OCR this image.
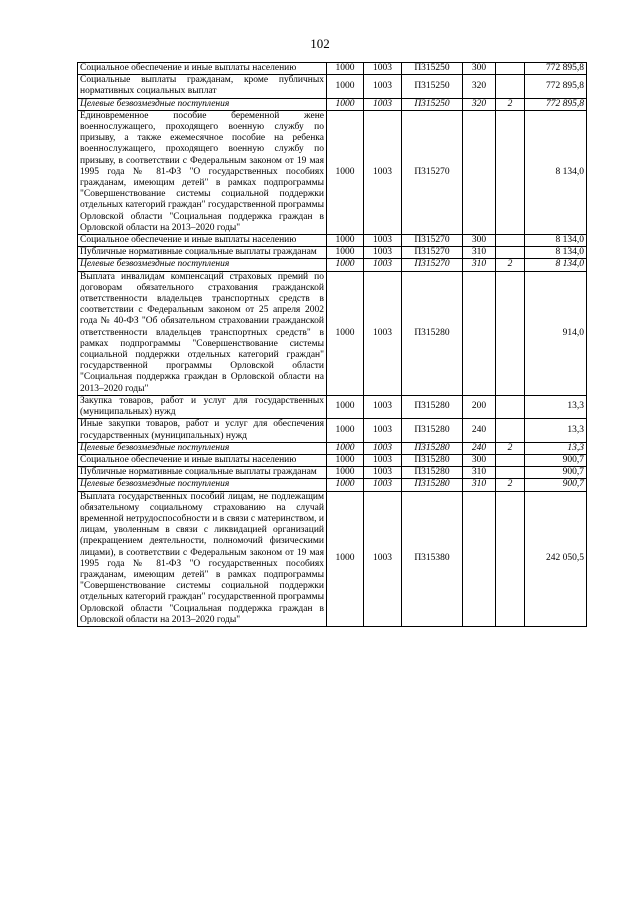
102
Социальное обеспечение и иные выплаты населению	1000	1003	П315250	300		772 895,8
Социальные выплаты гражданам, кроме публичных нормативных социальных выплат	1000	1003	П315250	320		772 895,8
Целевые безвозмездные поступления	1000	1003	П315250	320	2	772 895,8
Единовременное пособие беременной жене военнослужащего, проходящего военную службу по призыву, а также ежемесячное пособие на ребенка военнослужащего, проходящего военную службу по призыву, в соответствии с Федеральным законом от 19 мая 1995 года № 81-ФЗ "О государственных пособиях гражданам, имеющим детей" в рамках подпрограммы "Совершенствование системы социальной поддержки отдельных категорий граждан" государственной программы Орловской области "Социальная поддержка граждан в Орловской области на 2013–2020 годы"	1000	1003	П315270			8 134,0
Социальное обеспечение и иные выплаты населению	1000	1003	П315270	300		8 134,0
Публичные нормативные социальные выплаты гражданам	1000	1003	П315270	310		8 134,0
Целевые безвозмездные поступления	1000	1003	П315270	310	2	8 134,0
Выплата инвалидам компенсаций страховых премий по договорам обязательного страхования гражданской ответственности владельцев транспортных средств в соответствии с Федеральным законом от 25 апреля 2002 года № 40-ФЗ "Об обязательном страховании гражданской ответственности владельцев транспортных средств" в рамках подпрограммы "Совершенствование системы социальной поддержки отдельных категорий граждан" государственной программы Орловской области "Социальная поддержка граждан в Орловской области на 2013–2020 годы"	1000	1003	П315280			914,0
Закупка товаров, работ и услуг для государственных (муниципальных) нужд	1000	1003	П315280	200		13,3
Иные закупки товаров, работ и услуг для обеспечения государственных (муниципальных) нужд	1000	1003	П315280	240		13,3
Целевые безвозмездные поступления	1000	1003	П315280	240	2	13,3
Социальное обеспечение и иные выплаты населению	1000	1003	П315280	300		900,7
Публичные нормативные социальные выплаты гражданам	1000	1003	П315280	310		900,7
Целевые безвозмездные поступления	1000	1003	П315280	310	2	900,7
Выплата государственных пособий лицам, не подлежащим обязательному социальному страхованию на случай временной нетрудоспособности и в связи с материнством, и лицам, уволенным в связи с ликвидацией организаций (прекращением деятельности, полномочий физическими лицами), в соответствии с Федеральным законом от 19 мая 1995 года № 81-ФЗ "О государственных пособиях гражданам, имеющим детей" в рамках подпрограммы "Совершенствование системы социальной поддержки отдельных категорий граждан" государственной программы Орловской области "Социальная поддержка граждан в Орловской области на 2013–2020 годы"	1000	1003	П315380			242 050,5
